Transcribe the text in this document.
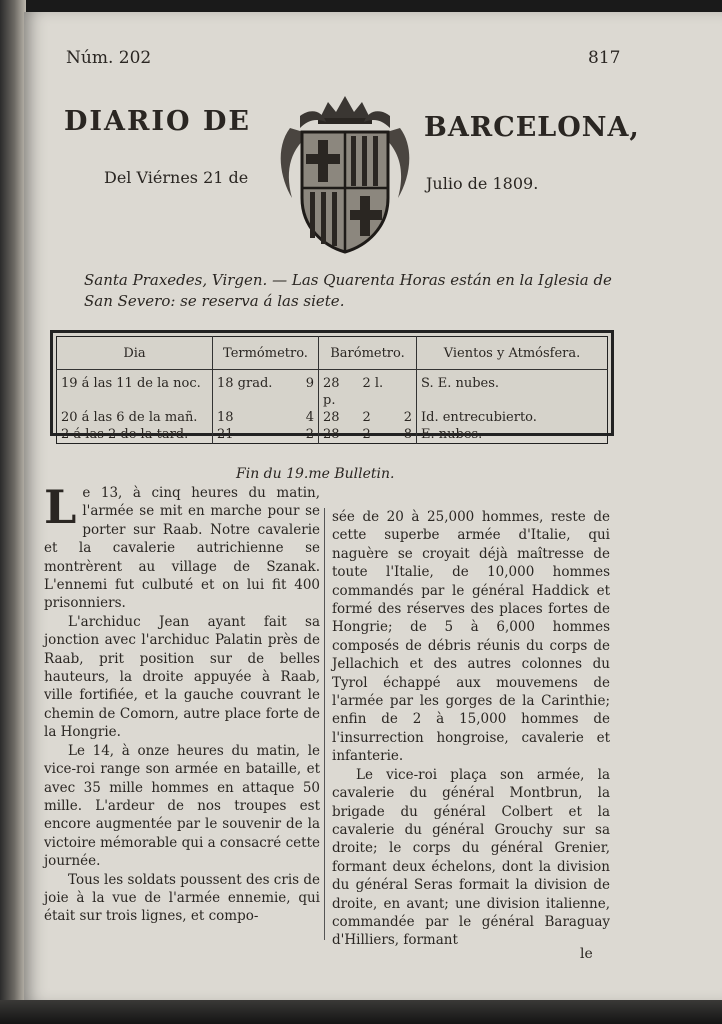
Núm. 202	817
DIARIO DE	BARCELONA,
Del Viérnes 21 de	Julio de 1809.
Santa Praxedes, Virgen. — Las Quarenta Horas están en la Iglesia de San Severo: se reserva á las siete.
Dia	Termómetro.		Barómetro.			Vientos y Atmósfera.
19 á las 11 de la noc.	18 grad.	9	28 p.	2 l.		S. E. nubes.
20 á las 6 de la mañ.	18	4	28	2	2	Id. entrecubierto.
2 á las 2 de la tard.	21	2	28	2	8	E. nubes.
Fin du 19.me Bulletin.

Le 13, à cinq heures du matin, l'armée se mit en marche pour se porter sur Raab. Notre cavalerie et la cavalerie autrichienne se montrèrent au village de Szanak. L'ennemi fut culbuté et on lui fit 400 prisonniers.

L'archiduc Jean ayant fait sa jonction avec l'archiduc Palatin près de Raab, prit position sur de belles hauteurs, la droite appuyée à Raab, ville fortifiée, et la gauche couvrant le chemin de Comorn, autre place forte de la Hongrie.

Le 14, à onze heures du matin, le vice-roi range son armée en bataille, et avec 35 mille hommes en attaque 50 mille. L'ardeur de nos troupes est encore augmentée par le souvenir de la victoire mémorable qui a consacré cette journée.

Tous les soldats poussent des cris de joie à la vue de l'armée ennemie, qui était sur trois lignes, et compo-

sée de 20 à 25,000 hommes, reste de cette superbe armée d'Italie, qui naguère se croyait déjà maîtresse de toute l'Italie, de 10,000 hommes commandés par le général Haddick et formé des réserves des places fortes de Hongrie; de 5 à 6,000 hommes composés de débris réunis du corps de Jellachich et des autres colonnes du Tyrol échappé aux mouvemens de l'armée par les gorges de la Carinthie; enfin de 2 à 15,000 hommes de l'insurrection hongroise, cavalerie et infanterie.

Le vice-roi plaça son armée, la cavalerie du général Montbrun, la brigade du général Colbert et la cavalerie du général Grouchy sur sa droite; le corps du général Grenier, formant deux échelons, dont la division du général Seras formait la division de droite, en avant; une division italienne, commandée par le général Baraguay d'Hilliers, formant

le
